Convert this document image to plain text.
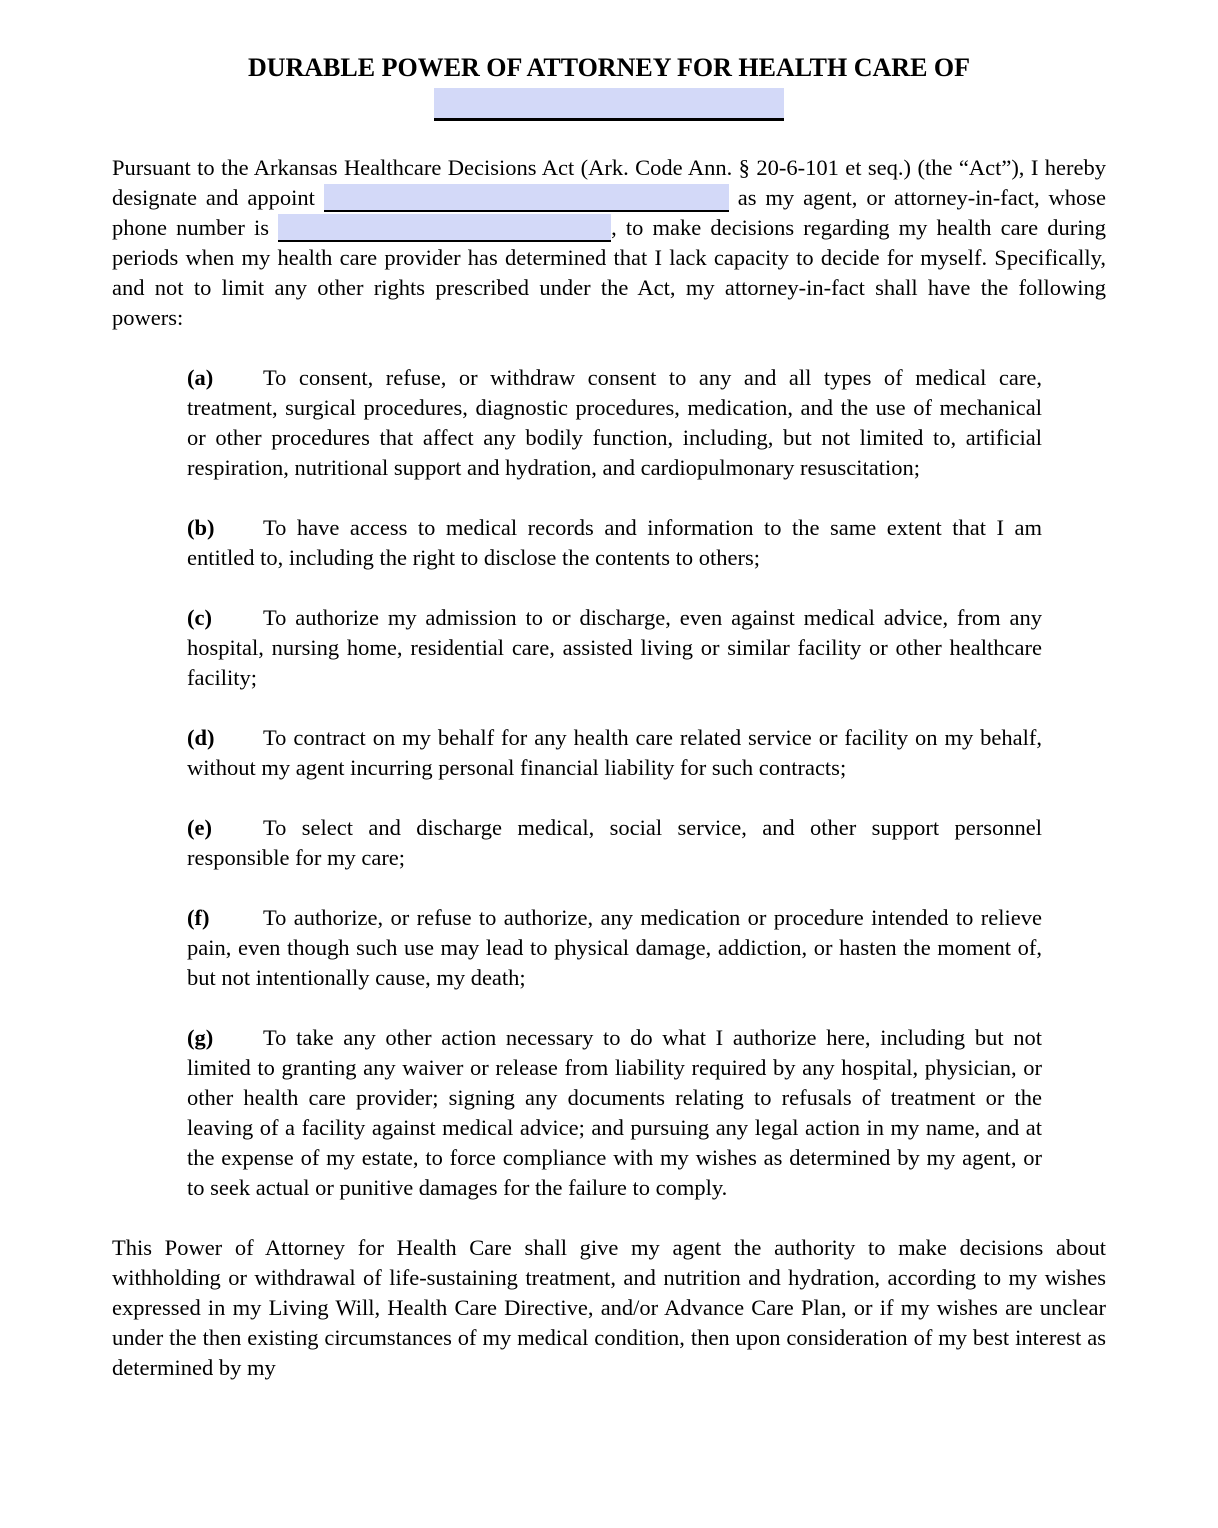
DURABLE POWER OF ATTORNEY FOR HEALTH CARE OF

Pursuant to the Arkansas Healthcare Decisions Act (Ark. Code Ann. § 20-6-101 et seq.) (the “Act”), I hereby designate and appoint	as my agent, or attorney-in-fact, whose phone number is	, to make decisions regarding my health care during periods when my health care provider has determined that I lack capacity to decide for myself. Specifically, and not to limit any other rights prescribed under the Act, my attorney-in-fact shall have the following powers:

(a) To consent, refuse, or withdraw consent to any and all types of medical care, treatment, surgical procedures, diagnostic procedures, medication, and the use of mechanical or other procedures that affect any bodily function, including, but not limited to, artificial respiration, nutritional support and hydration, and cardiopulmonary resuscitation;

(b) To have access to medical records and information to the same extent that I am entitled to, including the right to disclose the contents to others;

(c) To authorize my admission to or discharge, even against medical advice, from any hospital, nursing home, residential care, assisted living or similar facility or other healthcare facility;

(d) To contract on my behalf for any health care related service or facility on my behalf, without my agent incurring personal financial liability for such contracts;

(e) To select and discharge medical, social service, and other support personnel responsible for my care;

(f) To authorize, or refuse to authorize, any medication or procedure intended to relieve pain, even though such use may lead to physical damage, addiction, or hasten the moment of, but not intentionally cause, my death;

(g) To take any other action necessary to do what I authorize here, including but not limited to granting any waiver or release from liability required by any hospital, physician, or other health care provider; signing any documents relating to refusals of treatment or the leaving of a facility against medical advice; and pursuing any legal action in my name, and at the expense of my estate, to force compliance with my wishes as determined by my agent, or to seek actual or punitive damages for the failure to comply.

This Power of Attorney for Health Care shall give my agent the authority to make decisions about withholding or withdrawal of life-sustaining treatment, and nutrition and hydration, according to my wishes expressed in my Living Will, Health Care Directive, and/or Advance Care Plan, or if my wishes are unclear under the then existing circumstances of my medical condition, then upon consideration of my best interest as determined by my
